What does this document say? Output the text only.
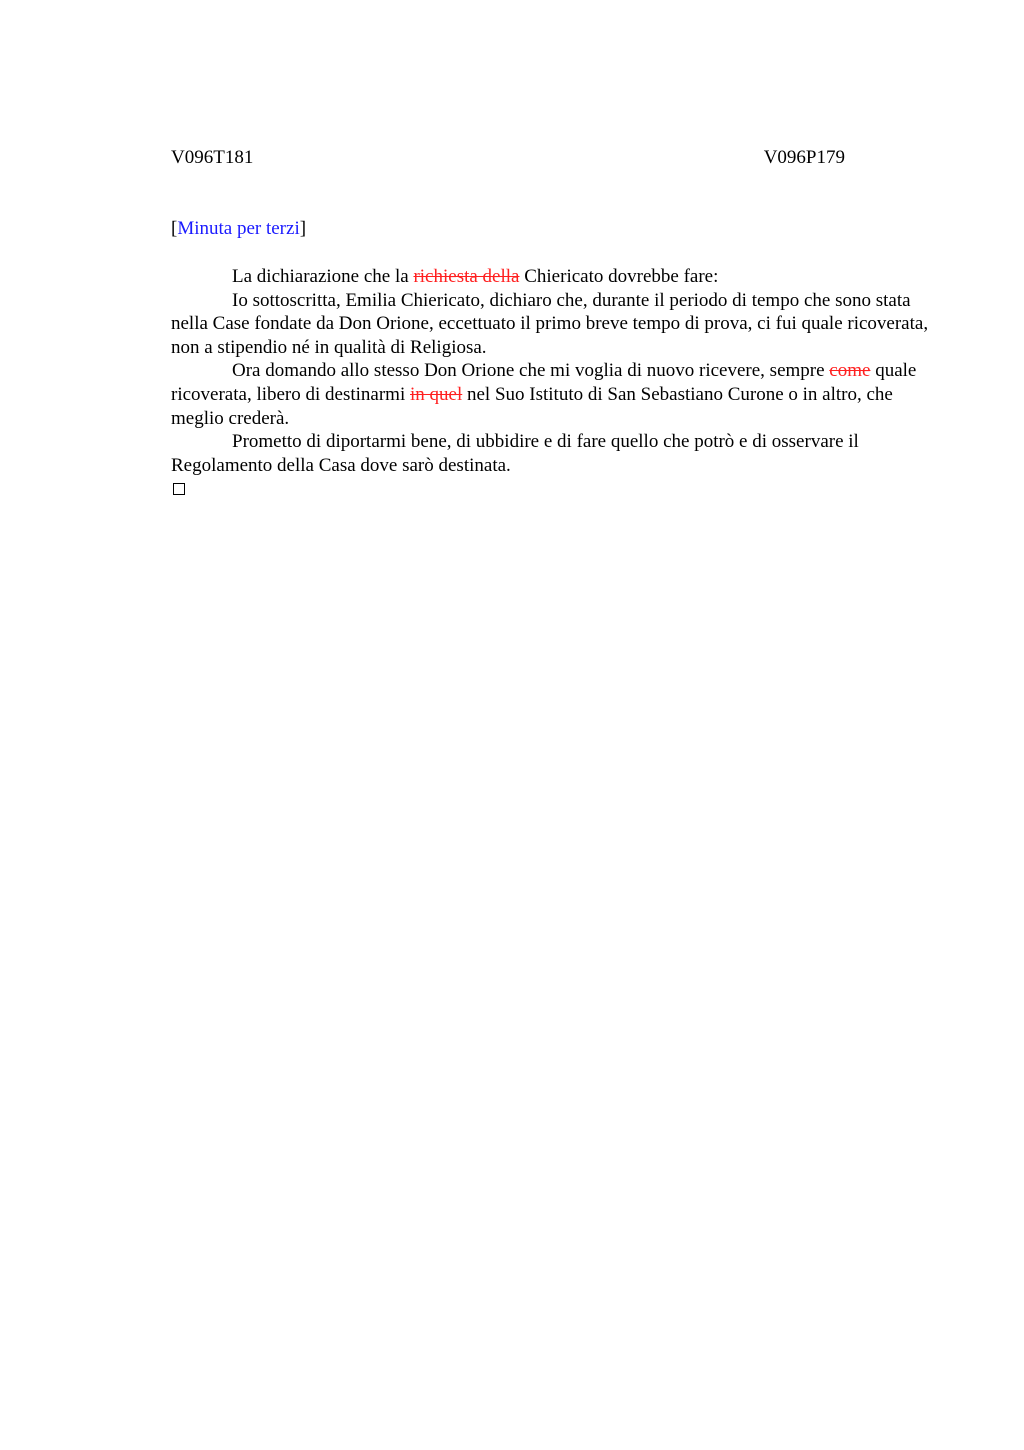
V096T181	V096P179
[Minuta per terzi]

La dichiarazione che la richiesta della Chiericato dovrebbe fare:

Io sottoscritta, Emilia Chiericato, dichiaro che, durante il periodo di tempo che sono stata nella Case fondate da Don Orione, eccettuato il primo breve tempo di prova, ci fui quale ricoverata, non a stipendio né in qualità di Religiosa.

Ora domando allo stesso Don Orione che mi voglia di nuovo ricevere, sempre come quale ricoverata, libero di destinarmi in quel nel Suo Istituto di San Sebastiano Curone o in altro, che meglio crederà.

Prometto di diportarmi bene, di ubbidire e di fare quello che potrò e di osservare il Regolamento della Casa dove sarò destinata.
